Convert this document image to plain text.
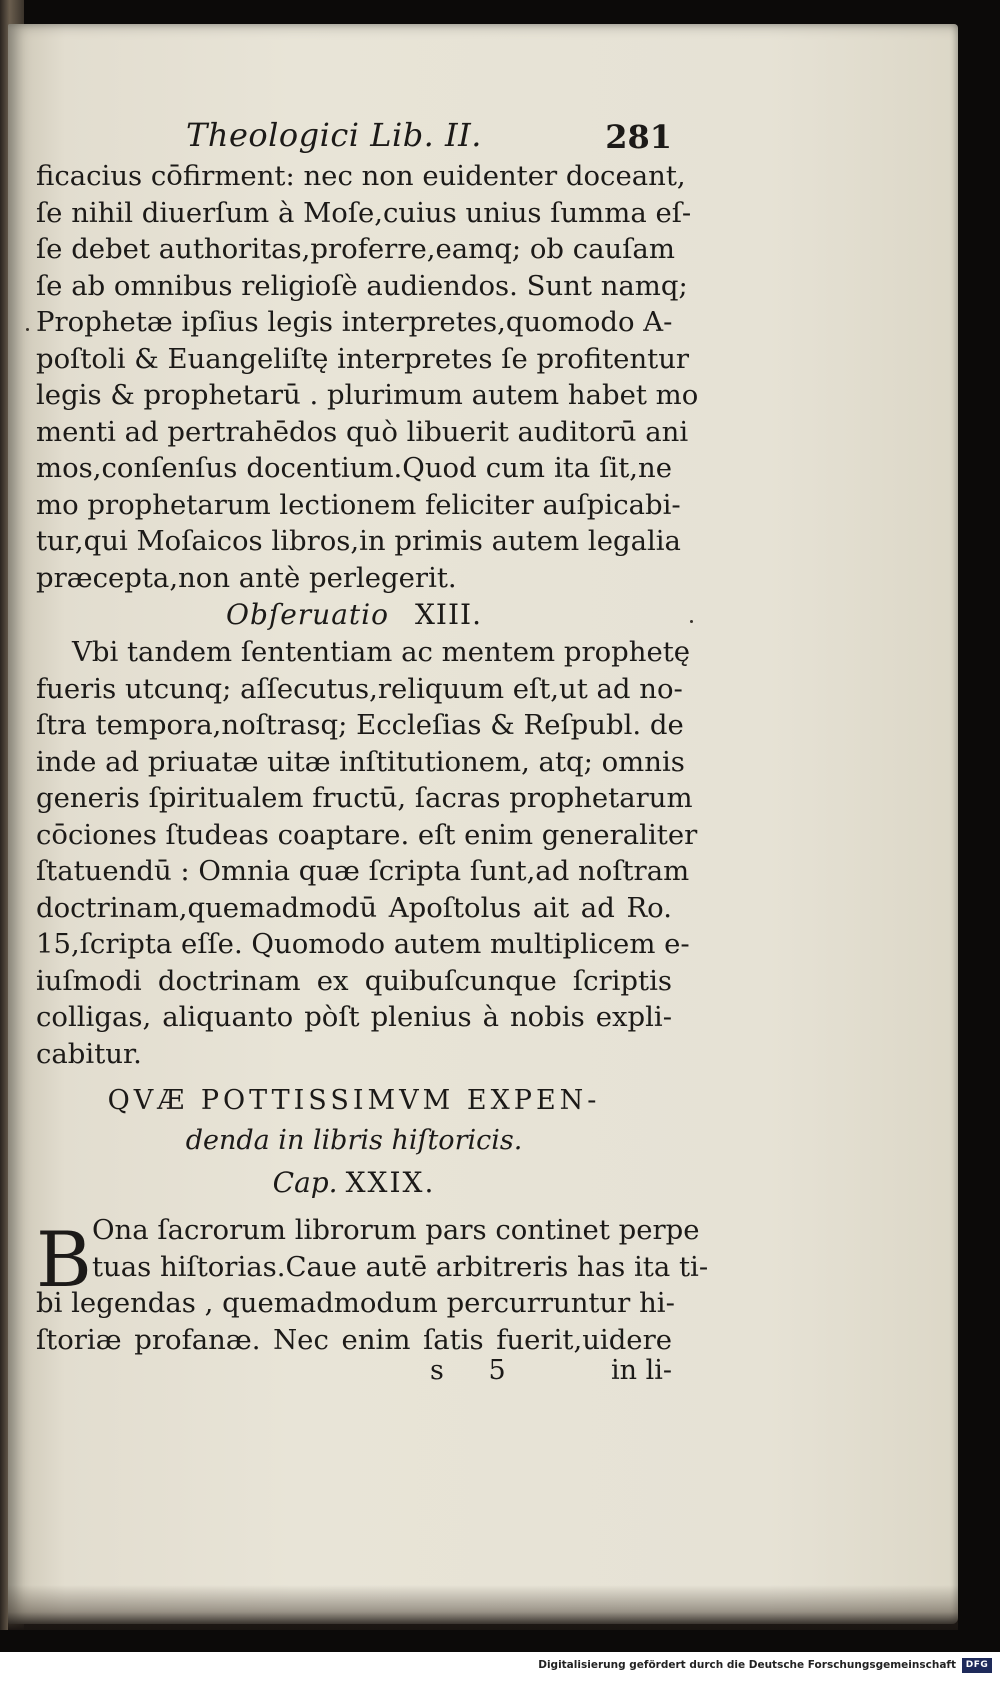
Theologici Lib. II.	281
ficacius cōfirment: nec non euidenter doceant,
ſe nihil diuerſum à Moſe,cuius unius ſumma eſ-
ſe debet authoritas,proferre,eamq; ob cauſam
ſe ab omnibus religioſè audiendos. Sunt namq;
Prophetæ ipſius legis interpretes,quomodo A-
poſtoli & Euangeliſtę interpretes ſe profitentur
legis & prophetarū . plurimum autem habet mo
menti ad pertrahēdos quò libuerit auditorū ani
mos,conſenſus docentium.Quod cum ita ſit,ne
mo prophetarum lectionem feliciter auſpicabi-
tur,qui Moſaicos libros,in primis autem legalia
præcepta,non antè perlegerit.
Obſeruatio XIII.
Vbi tandem ſententiam ac mentem prophetę
fueris utcunq; aſſecutus,reliquum eſt,ut ad no-
ſtra tempora,noſtrasq; Eccleſias & Reſpubl. de
inde ad priuatæ uitæ inſtitutionem, atq; omnis
generis ſpiritualem fructū, ſacras prophetarum
cōciones ſtudeas coaptare. eſt enim generaliter
ſtatuendū : Omnia quæ ſcripta ſunt,ad noſtram
doctrinam,quemadmodū Apoſtolus ait ad Ro.
15,ſcripta eſſe. Quomodo autem multiplicem e-
iuſmodi doctrinam ex quibuſcunque ſcriptis
colligas, aliquanto pòſt plenius à nobis expli-
cabitur.
QVÆ POTTISSIMVM EXPEN-
denda in libris hiſtoricis.
Cap. XXIX.
B Ona ſacrorum librorum pars continet perpe
tuas hiſtorias.Caue autē arbitreris has ita ti-
bi legendas , quemadmodum percurruntur hi-
ſtoriæ profanæ. Nec enim ſatis fuerit,uidere
s 5	in li-
Digitalisierung gefördert durch die Deutsche Forschungsgemeinschaft	DFG
